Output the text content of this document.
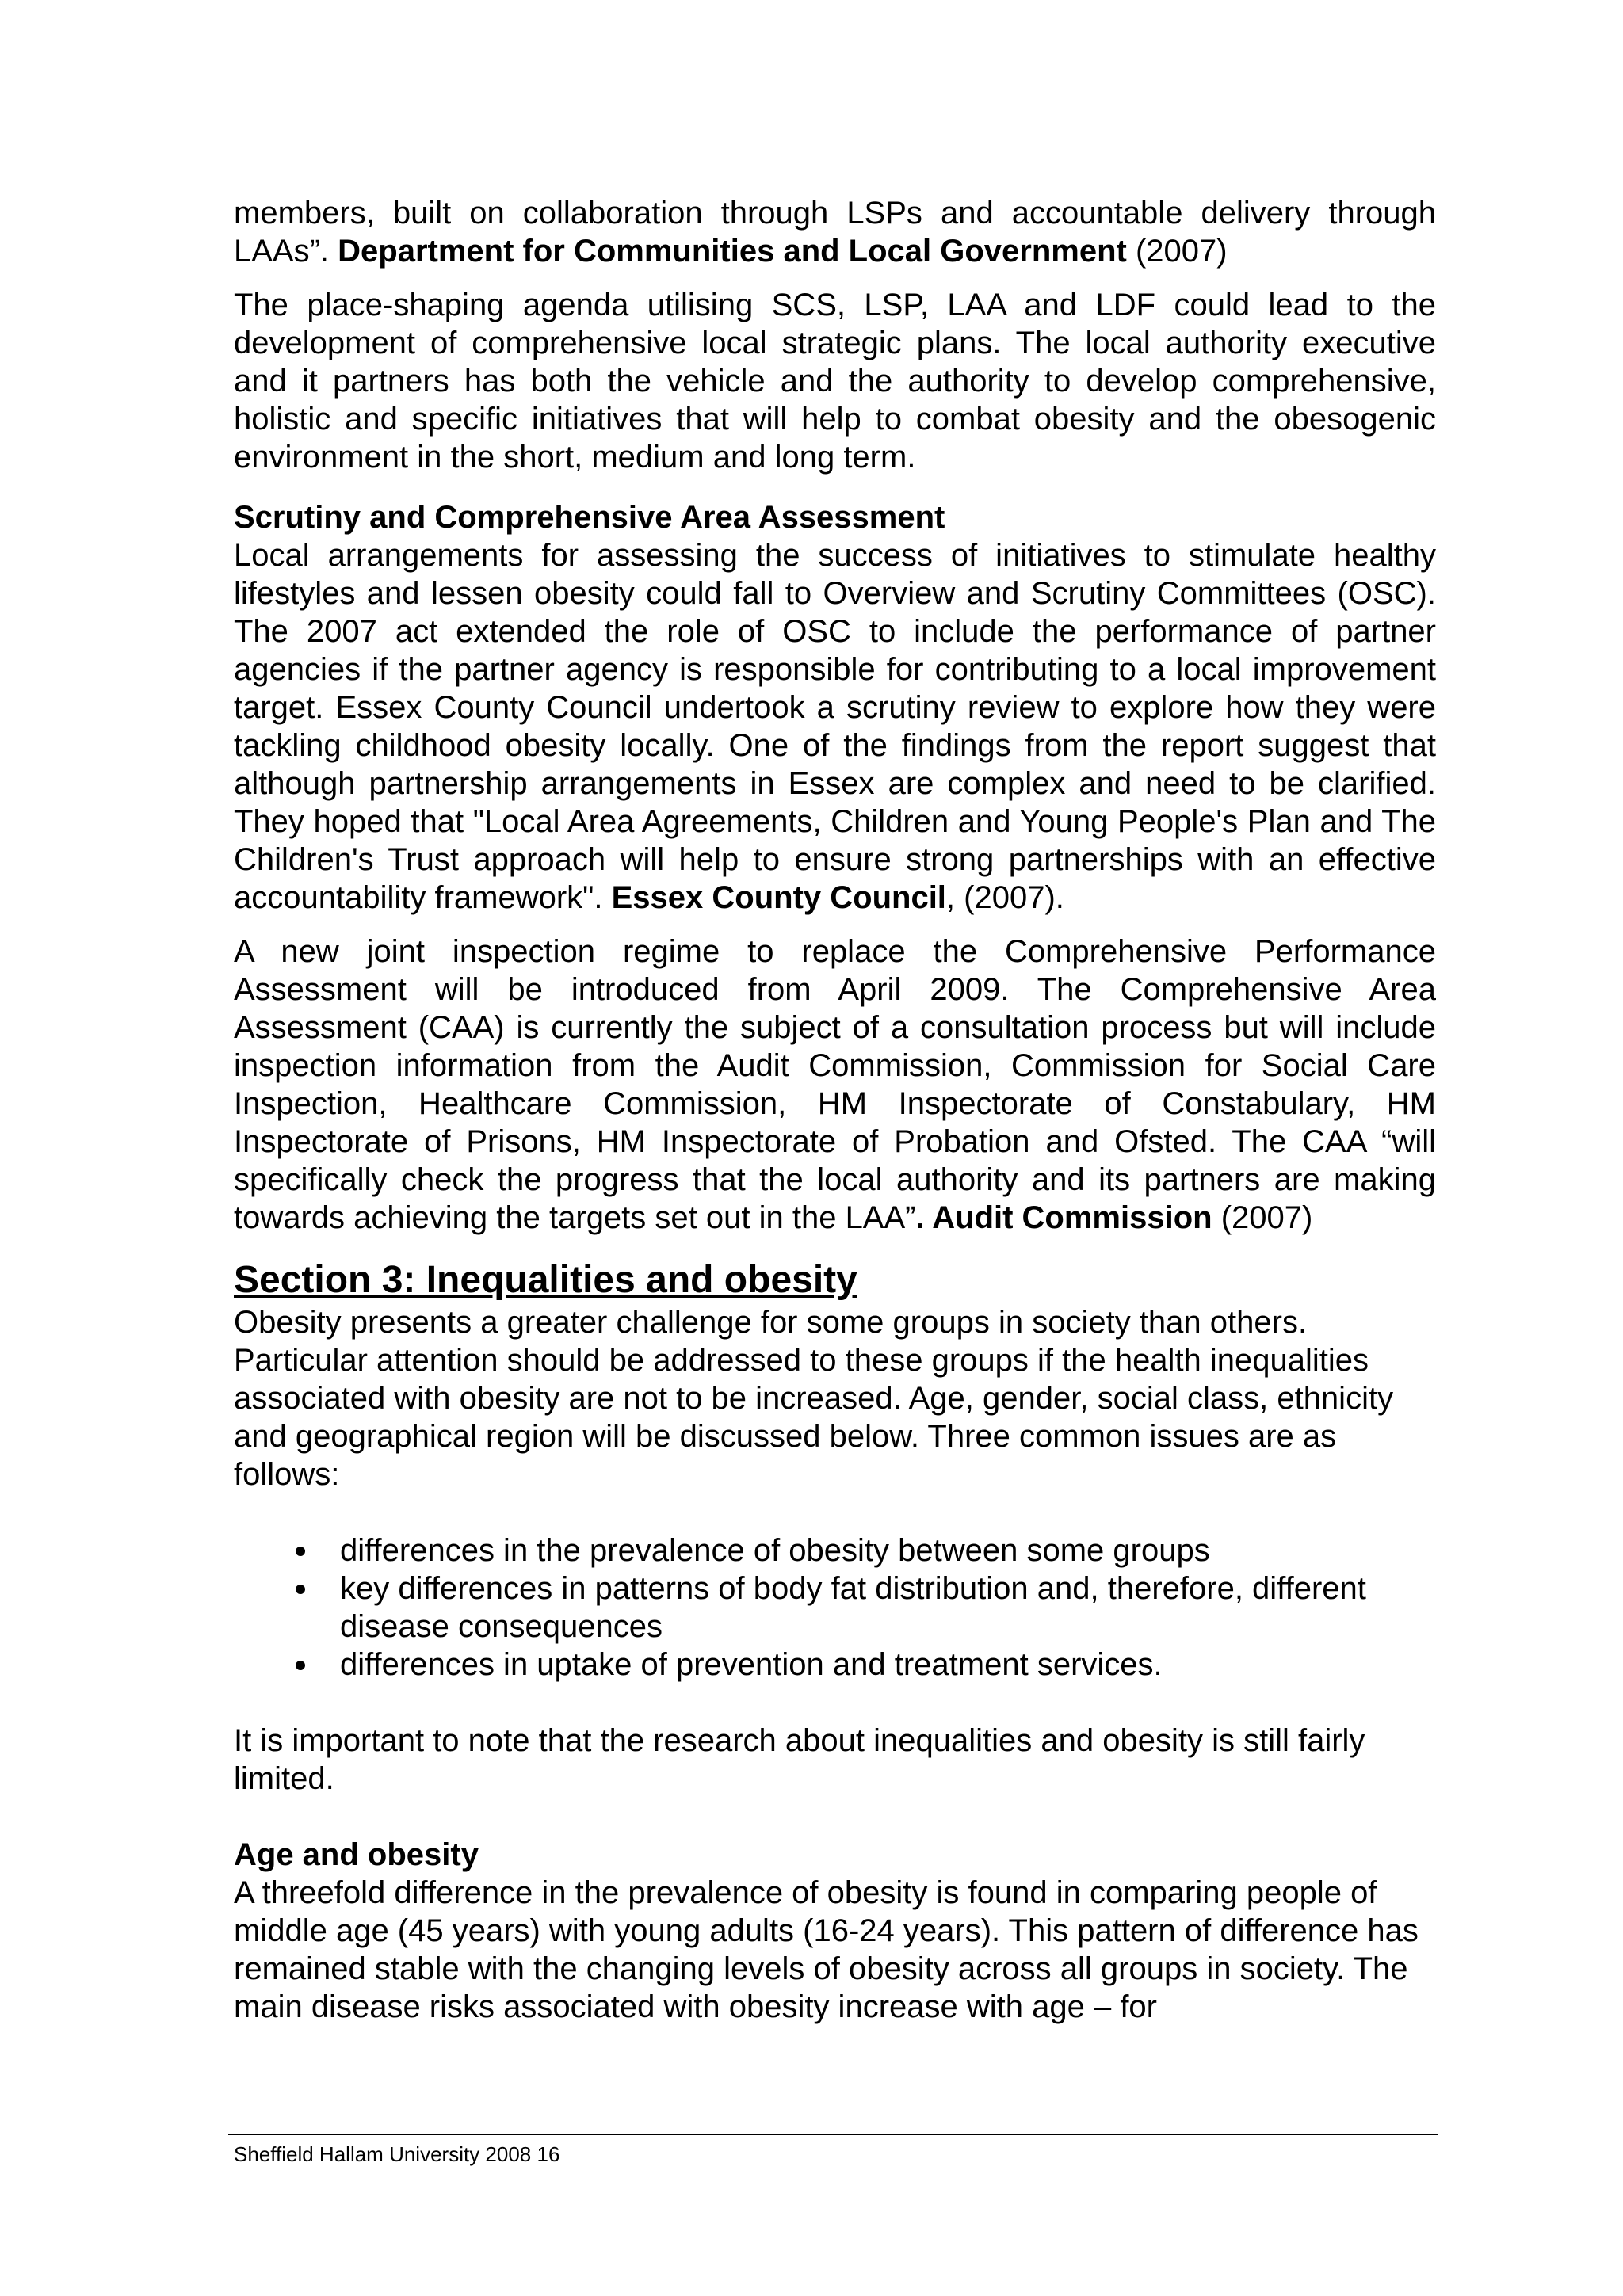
members, built on collaboration through LSPs and accountable delivery through LAAs”. Department for Communities and Local Government (2007)

The place-shaping agenda utilising SCS, LSP, LAA and LDF could lead to the development of comprehensive local strategic plans. The local authority executive and it partners has both the vehicle and the authority to develop comprehensive, holistic and specific initiatives that will help to combat obesity and the obesogenic environment in the short, medium and long term.

Scrutiny and Comprehensive Area Assessment

Local arrangements for assessing the success of initiatives to stimulate healthy lifestyles and lessen obesity could fall to Overview and Scrutiny Committees (OSC). The 2007 act extended the role of OSC to include the performance of partner agencies if the partner agency is responsible for contributing to a local improvement target. Essex County Council undertook a scrutiny review to explore how they were tackling childhood obesity locally. One of the findings from the report suggest that although partnership arrangements in Essex are complex and need to be clarified. They hoped that "Local Area Agreements, Children and Young People's Plan and The Children's Trust approach will help to ensure strong partnerships with an effective accountability framework". Essex County Council, (2007).

A new joint inspection regime to replace the Comprehensive Performance Assessment will be introduced from April 2009. The Comprehensive Area Assessment (CAA) is currently the subject of a consultation process but will include inspection information from the Audit Commission, Commission for Social Care Inspection, Healthcare Commission, HM Inspectorate of Constabulary, HM Inspectorate of Prisons, HM Inspectorate of Probation and Ofsted. The CAA “will specifically check the progress that the local authority and its partners are making towards achieving the targets set out in the LAA”. Audit Commission (2007)

Section 3: Inequalities and obesity

Obesity presents a greater challenge for some groups in society than others. Particular attention should be addressed to these groups if the health inequalities associated with obesity are not to be increased. Age, gender, social class, ethnicity and geographical region will be discussed below. Three common issues are as follows:

differences in the prevalence of obesity between some groups
key differences in patterns of body fat distribution and, therefore, different disease consequences
differences in uptake of prevention and treatment services.

It is important to note that the research about inequalities and obesity is still fairly limited.

Age and obesity

A threefold difference in the prevalence of obesity is found in comparing people of middle age (45 years) with young adults (16-24 years). This pattern of difference has remained stable with the changing levels of obesity across all groups in society. The main disease risks associated with obesity increase with age – for

Sheffield Hallam University 2008 16
